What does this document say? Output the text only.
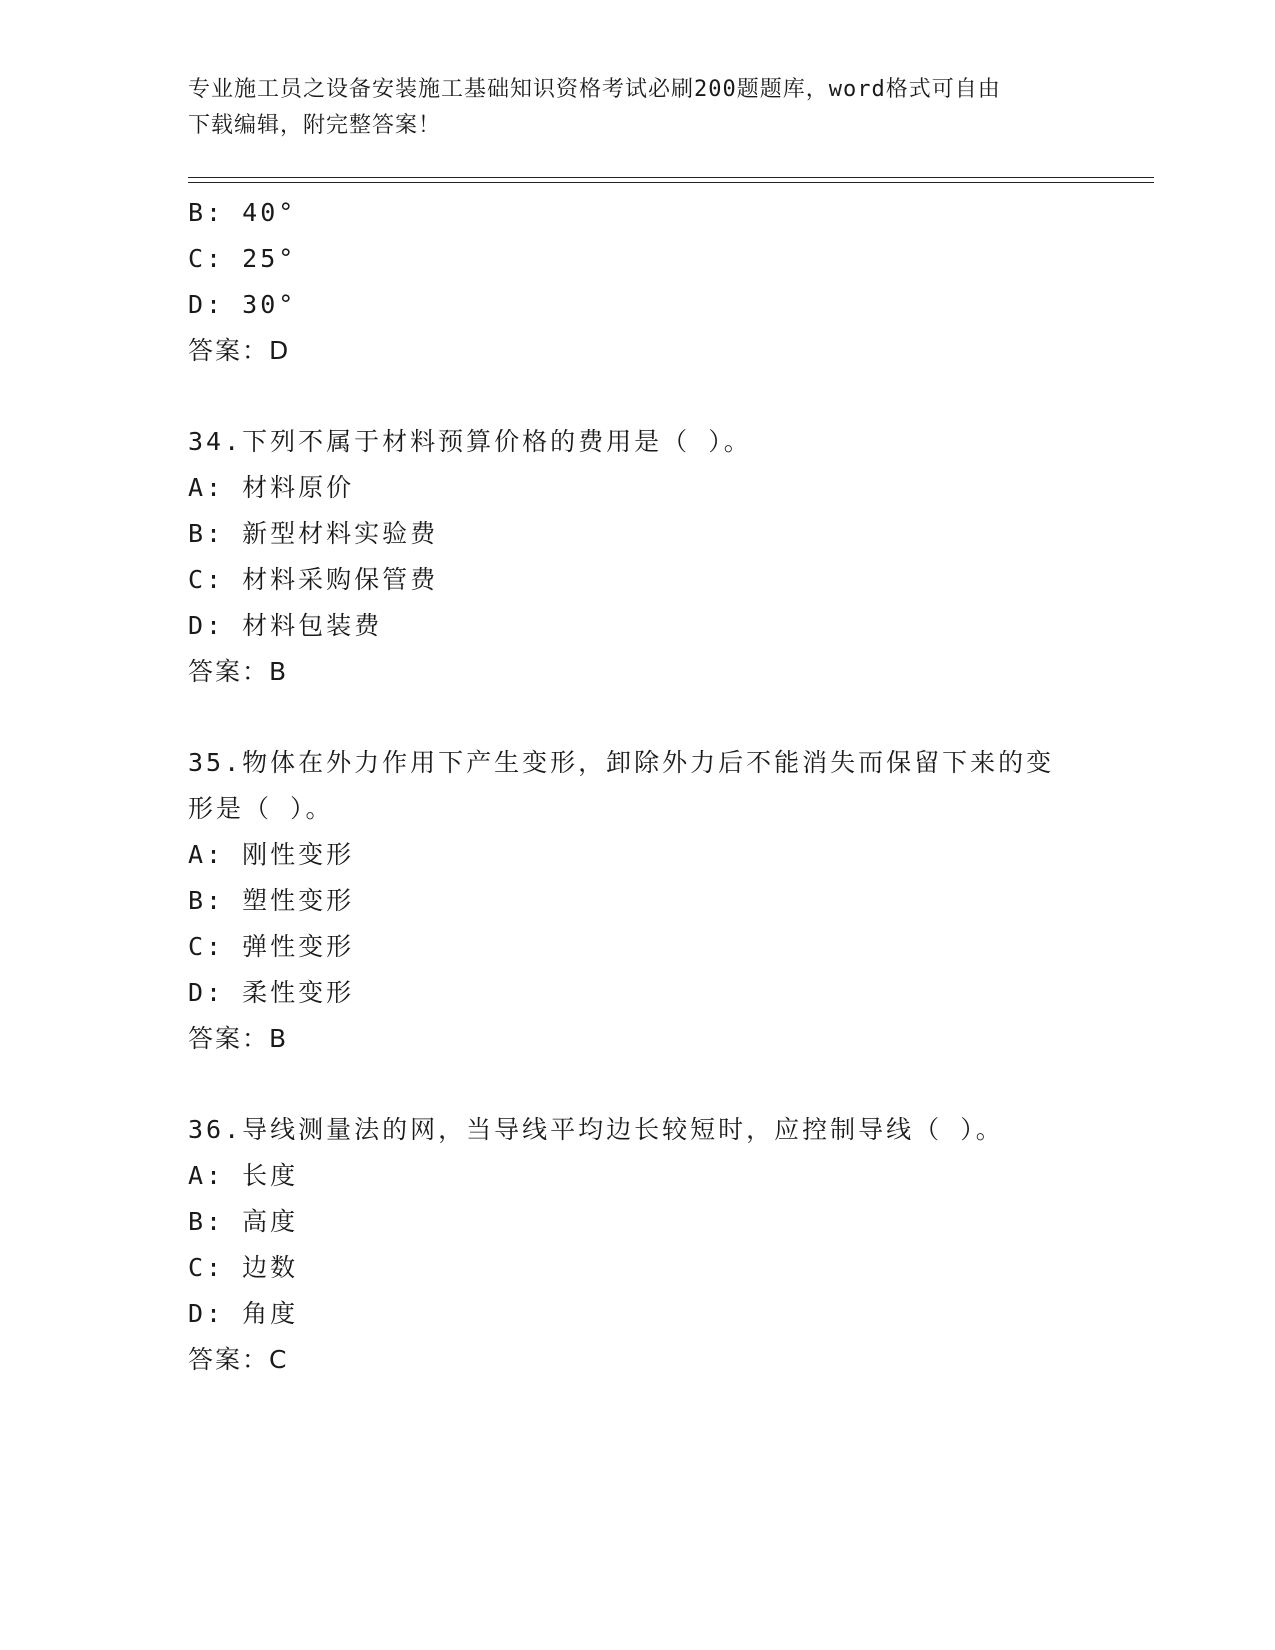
专业施工员之设备安装施工基础知识资格考试必刷200题题库，word格式可自由
下载编辑，附完整答案！
B: 40°
C: 25°
D: 30°
答案：D
34.下列不属于材料预算价格的费用是（ ）。
A: 材料原价
B: 新型材料实验费
C: 材料采购保管费
D: 材料包装费
答案：B
35.物体在外力作用下产生变形，卸除外力后不能消失而保留下来的变
形是（ ）。
A: 刚性变形
B: 塑性变形
C: 弹性变形
D: 柔性变形
答案：B
36.导线测量法的网，当导线平均边长较短时，应控制导线（ ）。
A: 长度
B: 高度
C: 边数
D: 角度
答案：C
